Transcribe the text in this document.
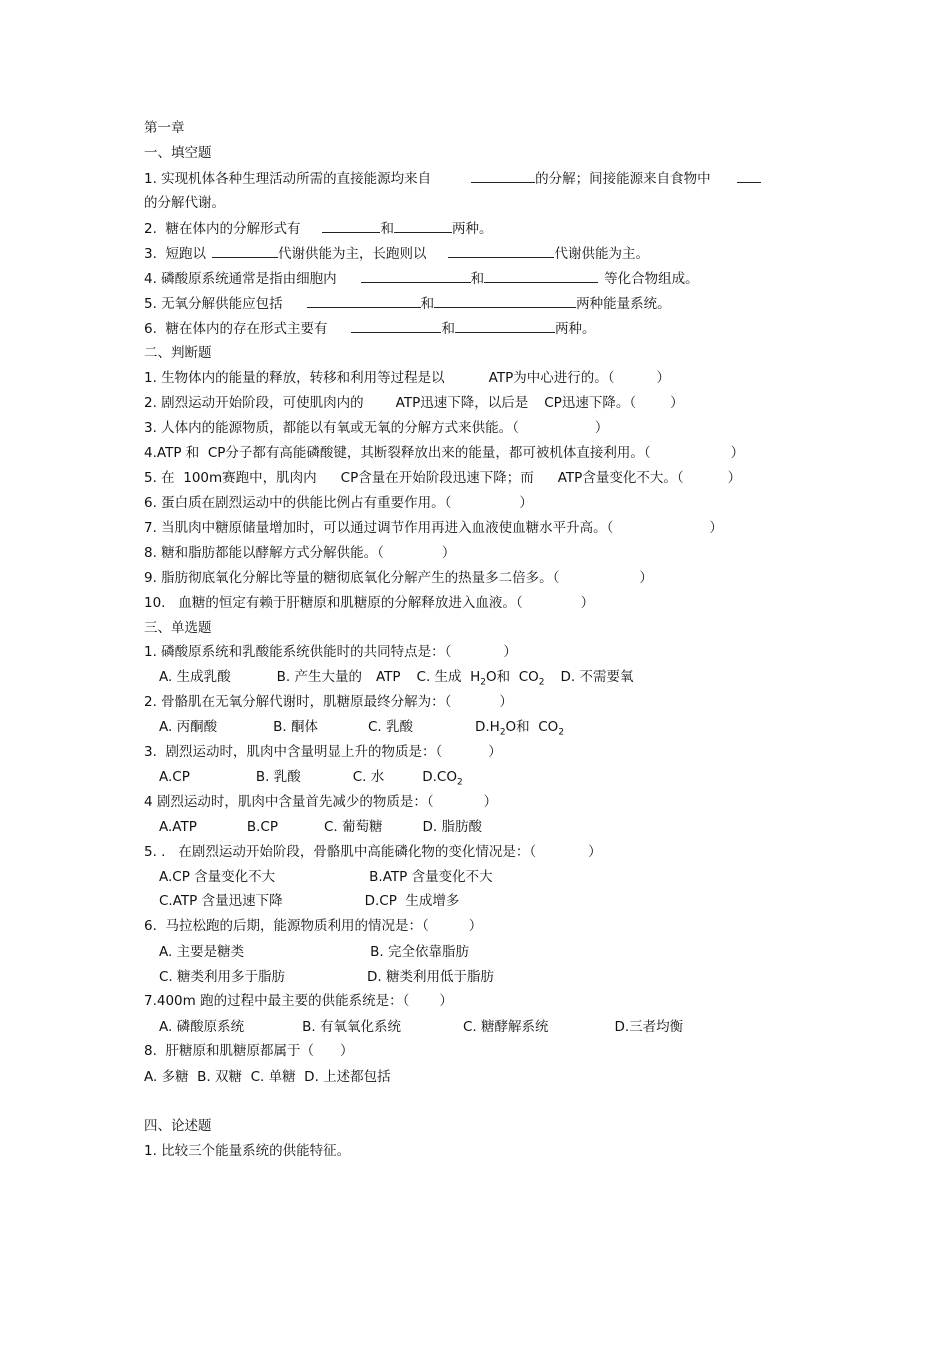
第一章
一、填空题
1. 实现机体各种生理活动所需的直接能源均来自	的分解；间接能源来自食物中
的分解代谢。
2.  糖在体内的分解形式有	和	两种。
3.  短跑以	代谢供能为主，长跑则以	代谢供能为主。
4. 磷酸原系统通常是指由细胞内	和	等化合物组成。
5. 无氧分解供能应包括	和	两种能量系统。
6.  糖在体内的存在形式主要有	和	两种。
二、判断题
1. 生物体内的能量的释放，转移和利用等过程是以	ATP为中心进行的。（	）
2. 剧烈运动开始阶段，可使肌肉内的 ATP迅速下降，以后是 CP迅速下降。（	）
3. 人体内的能源物质，都能以有氧或无氧的分解方式来供能。（	）
4.ATP 和  CP分子都有高能磷酸键，其断裂释放出来的能量，都可被机体直接利用。（	）
5. 在  100m赛跑中，肌肉内 CP含量在开始阶段迅速下降；而 ATP含量变化不大。（	）
6. 蛋白质在剧烈运动中的供能比例占有重要作用。（	）
7. 当肌肉中糖原储量增加时，可以通过调节作用再进入血液使血糖水平升高。（	）
8. 糖和脂肪都能以酵解方式分解供能。（	）
9. 脂肪彻底氧化分解比等量的糖彻底氧化分解产生的热量多二倍多。（	）
10.   血糖的恒定有赖于肝糖原和肌糖原的分解释放进入血液。（	）
三、单选题
1. 磷酸原系统和乳酸能系统供能时的共同特点是：（	）
A. 生成乳酸	B. 产生大量的 ATP C. 生成  $H_2O$和  $CO_2$ D. 不需要氧
2. 骨骼肌在无氧分解代谢时，肌糖原最终分解为：（	）
A. 丙酮酸	B. 酮体	C. 乳酸	$D.H_2O$和  $CO_2$
3.  剧烈运动时，肌肉中含量明显上升的物质是：（	）
A.CP	B. 乳酸	C. 水	$D.CO_2$
4 剧烈运动时，肌肉中含量首先减少的物质是：（	）
A.ATP	B.CP	C. 葡萄糖	D. 脂肪酸
5. .   在剧烈运动开始阶段，骨骼肌中高能磷化物的变化情况是：（	）
A.CP 含量变化不大	B.ATP 含量变化不大
C.ATP 含量迅速下降	D.CP  生成增多
6.  马拉松跑的后期，能源物质利用的情况是：（	）
A. 主要是糖类	B. 完全依靠脂肪
C. 糖类利用多于脂肪	D. 糖类利用低于脂肪
7.400m 跑的过程中最主要的供能系统是：（ ）
A. 磷酸原系统	B. 有氧氧化系统	C. 糖酵解系统	D.三者均衡
8.  肝糖原和肌糖原都属于（ ）
A. 多糖  B. 双糖  C. 单糖  D. 上述都包括
四、论述题
1. 比较三个能量系统的供能特征。
